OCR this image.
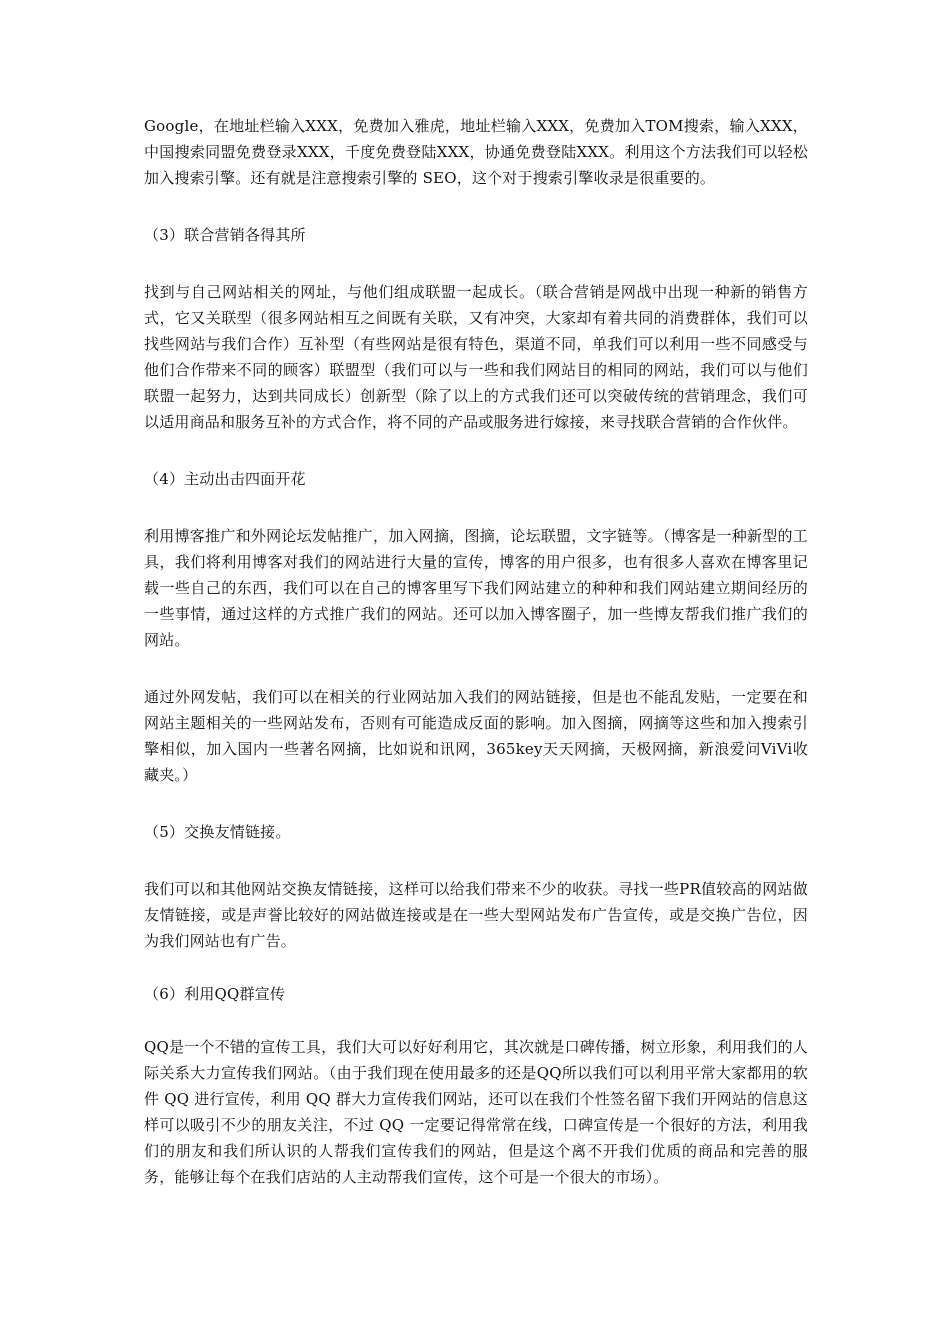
Google，在地址栏输入XXX，免费加入雅虎，地址栏输入XXX，免费加入TOM搜索，输入XXX，中国搜索同盟免费登录XXX，千度免费登陆XXX，协通免费登陆XXX。利用这个方法我们可以轻松加入搜索引擎。还有就是注意搜索引擎的 SEO，这个对于搜索引擎收录是很重要的。

（3）联合营销各得其所

找到与自己网站相关的网址，与他们组成联盟一起成长。（联合营销是网战中出现一种新的销售方式，它又关联型（很多网站相互之间既有关联，又有冲突，大家却有着共同的消费群体，我们可以找些网站与我们合作）互补型（有些网站是很有特色，渠道不同，单我们可以利用一些不同感受与他们合作带来不同的顾客）联盟型（我们可以与一些和我们网站目的相同的网站，我们可以与他们联盟一起努力，达到共同成长）创新型（除了以上的方式我们还可以突破传统的营销理念，我们可以适用商品和服务互补的方式合作，将不同的产品或服务进行嫁接，来寻找联合营销的合作伙伴。

（4）主动出击四面开花

利用博客推广和外网论坛发帖推广，加入网摘，图摘，论坛联盟，文字链等。（博客是一种新型的工具，我们将利用博客对我们的网站进行大量的宣传，博客的用户很多，也有很多人喜欢在博客里记载一些自己的东西，我们可以在自己的博客里写下我们网站建立的种种和我们网站建立期间经历的一些事情，通过这样的方式推广我们的网站。还可以加入博客圈子，加一些博友帮我们推广我们的网站。

通过外网发帖，我们可以在相关的行业网站加入我们的网站链接，但是也不能乱发贴，一定要在和网站主题相关的一些网站发布，否则有可能造成反面的影响。加入图摘，网摘等这些和加入搜索引擎相似，加入国内一些著名网摘，比如说和讯网，365key天天网摘，天极网摘，新浪爱问ViVi收藏夹。）

（5）交换友情链接。

我们可以和其他网站交换友情链接，这样可以给我们带来不少的收获。寻找一些PR值较高的网站做友情链接，或是声誉比较好的网站做连接或是在一些大型网站发布广告宣传，或是交换广告位，因为我们网站也有广告。

（6）利用QQ群宣传

QQ是一个不错的宣传工具，我们大可以好好利用它，其次就是口碑传播，树立形象，利用我们的人际关系大力宣传我们网站。（由于我们现在使用最多的还是QQ所以我们可以利用平常大家都用的软件 QQ 进行宣传，利用 QQ 群大力宣传我们网站，还可以在我们个性签名留下我们开网站的信息这样可以吸引不少的朋友关注，不过 QQ 一定要记得常常在线，口碑宣传是一个很好的方法，利用我们的朋友和我们所认识的人帮我们宣传我们的网站，但是这个离不开我们优质的商品和完善的服务，能够让每个在我们店站的人主动帮我们宣传，这个可是一个很大的市场）。
